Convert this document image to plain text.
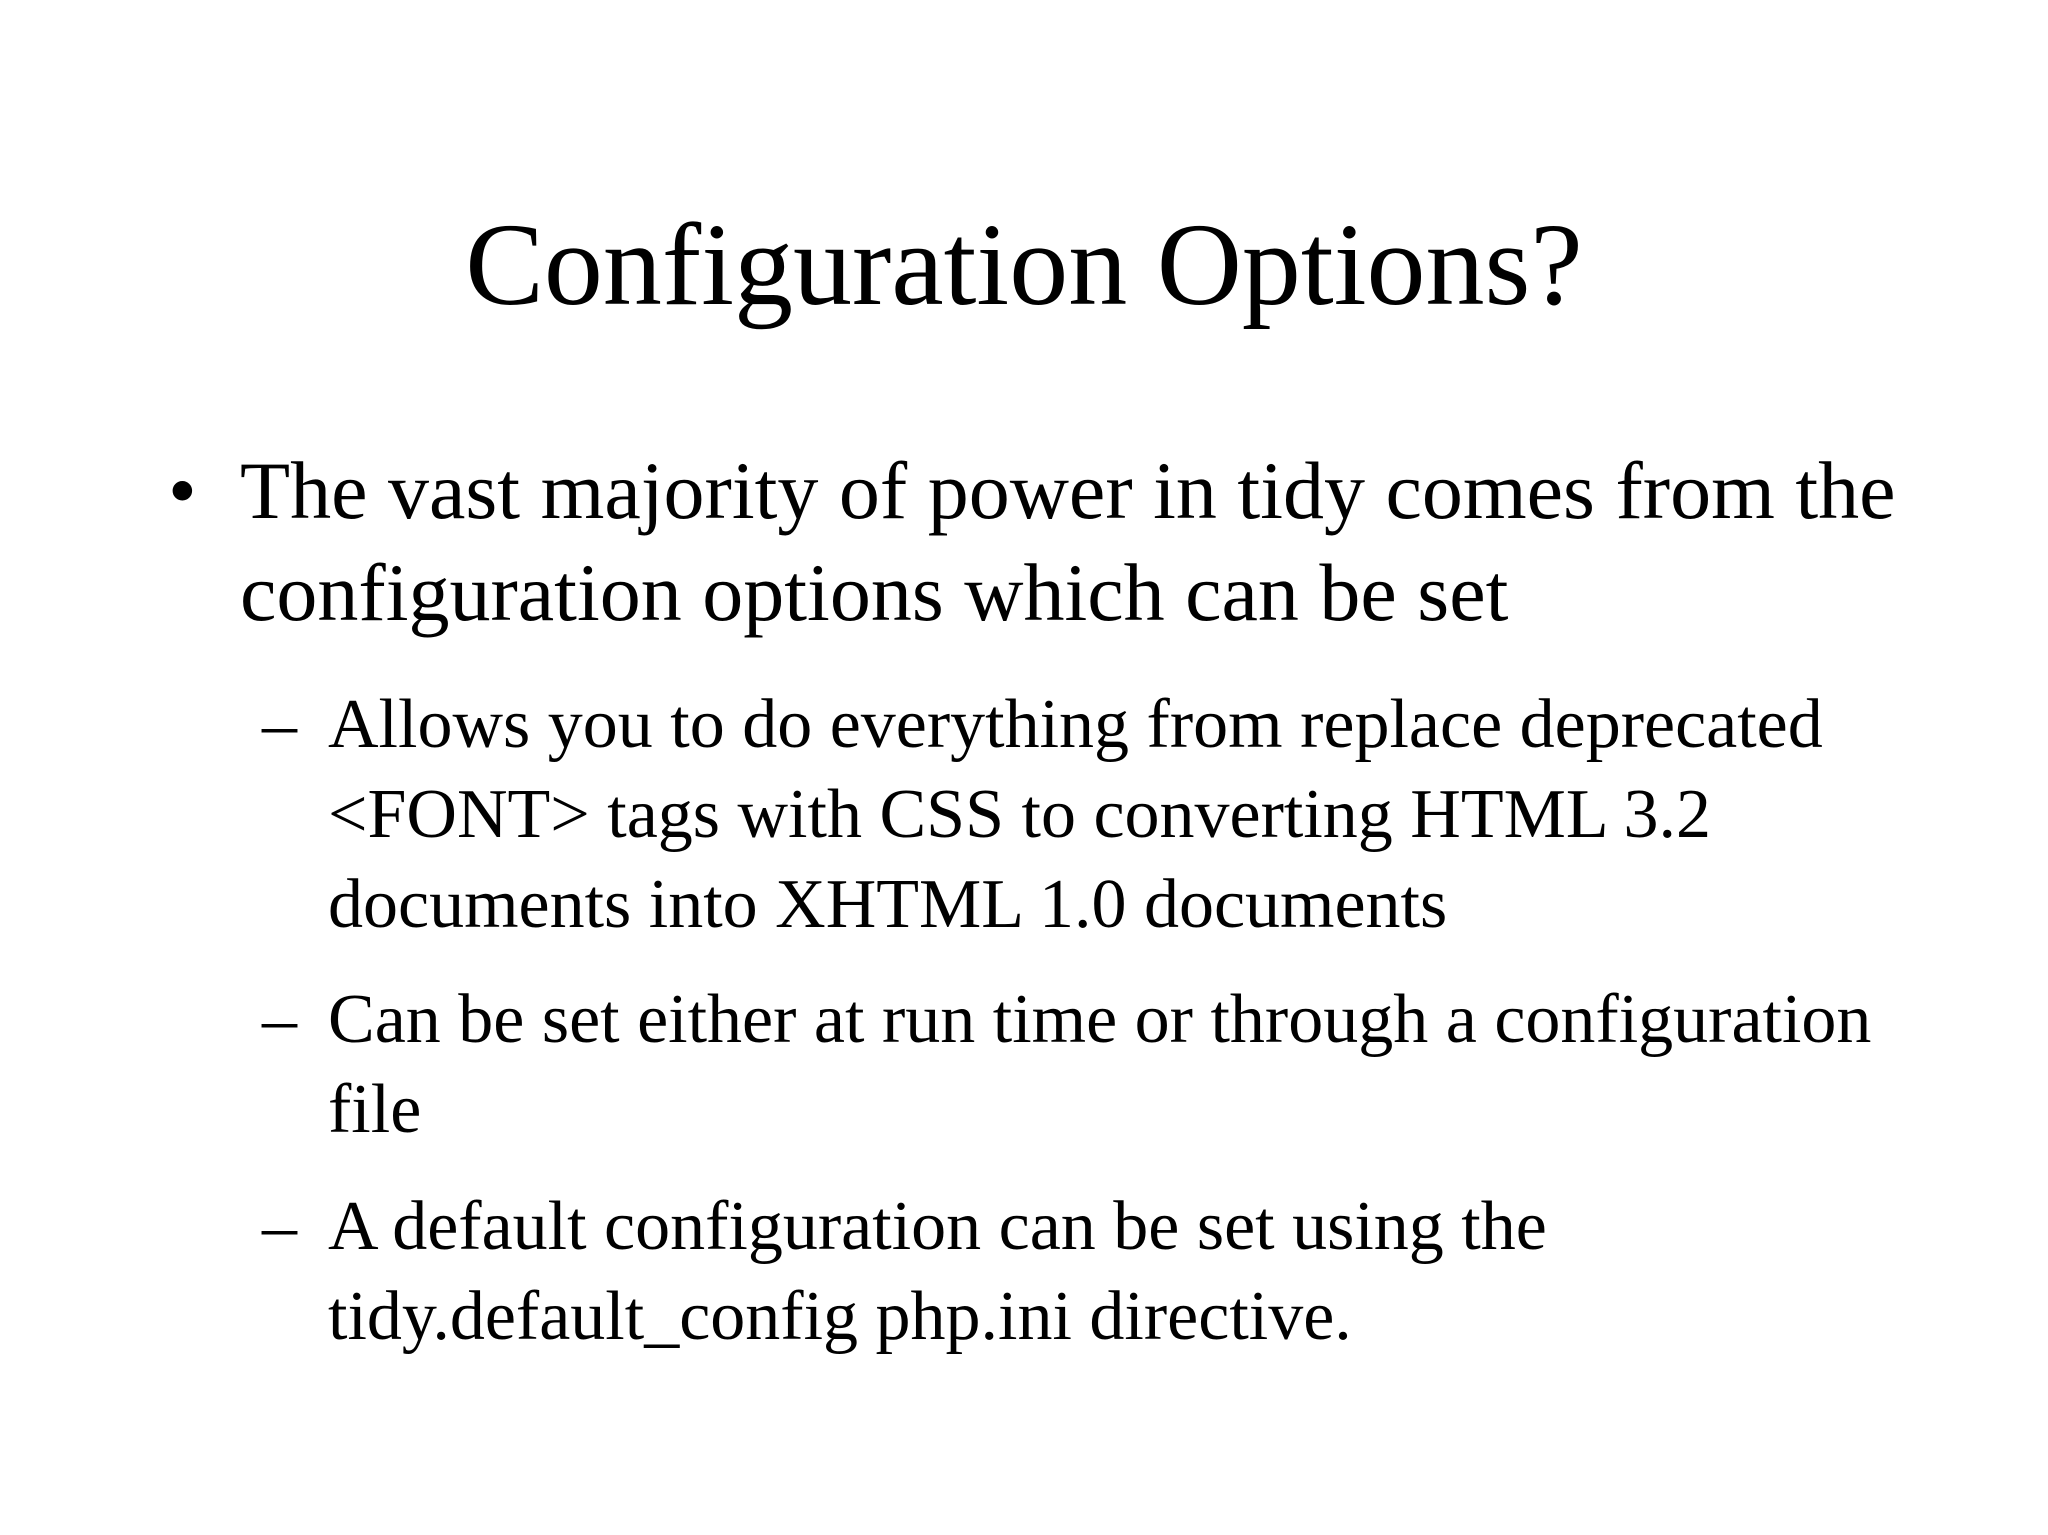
Configuration Options?
• The vast majority of power in tidy comes from the configuration options which can be set
– Allows you to do everything from replace deprecated <FONT> tags with CSS to converting HTML 3.2 documents into XHTML 1.0 documents
– Can be set either at run time or through a configuration file
– A default configuration can be set using the tidy.default_config php.ini directive.
